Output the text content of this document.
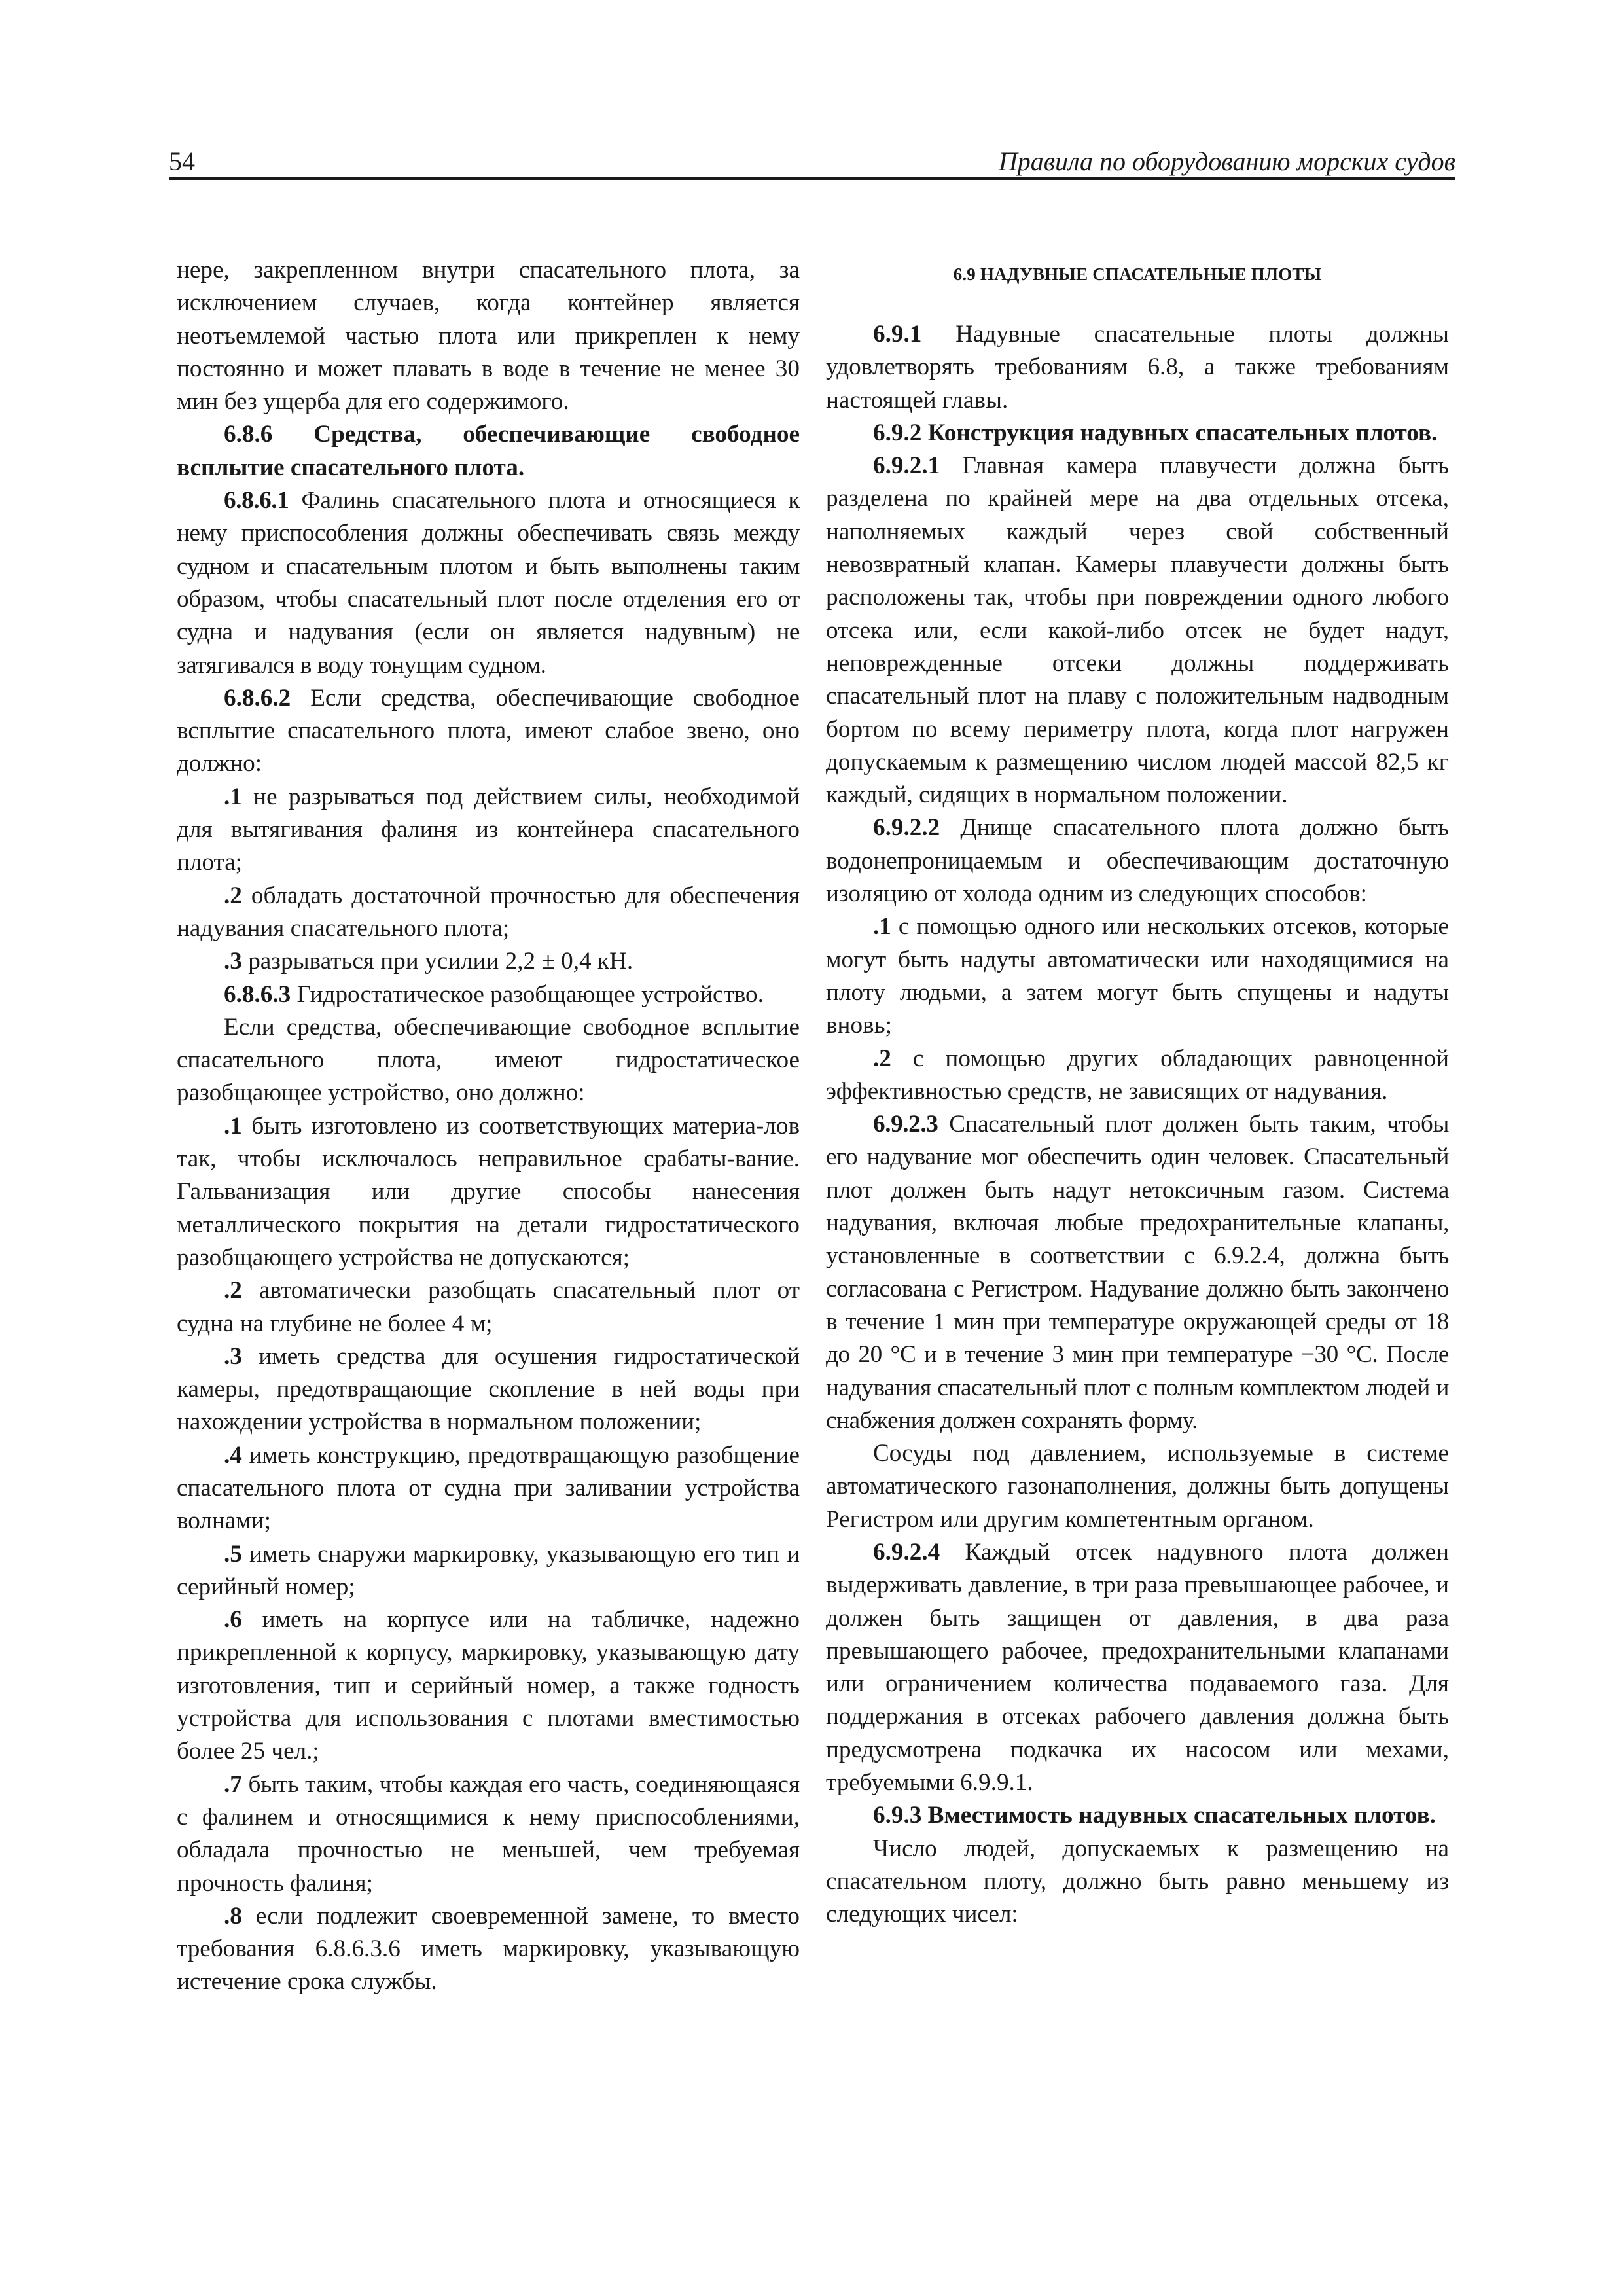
54	Правила по оборудованию морских судов

нере, закрепленном внутри спасательного плота, за исключением случаев, когда контейнер является неотъемлемой частью плота или прикреплен к нему постоянно и может плавать в воде в течение не менее 30 мин без ущерба для его содержимого.

6.8.6 Средства, обеспечивающие свободное всплытие спасательного плота.

6.8.6.1 Фалинь спасательного плота и относящиеся к нему приспособления должны обеспечивать связь между судном и спасательным плотом и быть выполнены таким образом, чтобы спасательный плот после отделения его от судна и надувания (если он является надувным) не затягивался в воду тонущим судном.

6.8.6.2 Если средства, обеспечивающие свободное всплытие спасательного плота, имеют слабое звено, оно должно:

.1 не разрываться под действием силы, необходимой для вытягивания фалиня из контейнера спасательного плота;

.2 обладать достаточной прочностью для обеспечения надувания спасательного плота;

.3 разрываться при усилии 2,2 ± 0,4 кН.

6.8.6.3 Гидростатическое разобщающее устройство.

Если средства, обеспечивающие свободное всплытие спасательного плота, имеют гидростатическое разобщающее устройство, оно должно:

.1 быть изготовлено из соответствующих материа-лов так, чтобы исключалось неправильное срабаты-вание. Гальванизация или другие способы нанесения металлического покрытия на детали гидростатического разобщающего устройства не допускаются;

.2 автоматически разобщать спасательный плот от судна на глубине не более 4 м;

.3 иметь средства для осушения гидростатической камеры, предотвращающие скопление в ней воды при нахождении устройства в нормальном положении;

.4 иметь конструкцию, предотвращающую разобщение спасательного плота от судна при заливании устройства волнами;

.5 иметь снаружи маркировку, указывающую его тип и серийный номер;

.6 иметь на корпусе или на табличке, надежно прикрепленной к корпусу, маркировку, указывающую дату изготовления, тип и серийный номер, а также годность устройства для использования с плотами вместимостью более 25 чел.;

.7 быть таким, чтобы каждая его часть, соединяющаяся с фалинем и относящимися к нему приспособлениями, обладала прочностью не меньшей, чем требуемая прочность фалиня;

.8 если подлежит своевременной замене, то вместо требования 6.8.6.3.6 иметь маркировку, указывающую истечение срока службы.

6.9 НАДУВНЫЕ СПАСАТЕЛЬНЫЕ ПЛОТЫ

6.9.1 Надувные спасательные плоты должны удовлетворять требованиям 6.8, а также требованиям настоящей главы.

6.9.2 Конструкция надувных спасательных плотов.

6.9.2.1 Главная камера плавучести должна быть разделена по крайней мере на два отдельных отсека, наполняемых каждый через свой собственный невозвратный клапан. Камеры плавучести должны быть расположены так, чтобы при повреждении одного любого отсека или, если какой-либо отсек не будет надут, неповрежденные отсеки должны поддерживать спасательный плот на плаву с положительным надводным бортом по всему периметру плота, когда плот нагружен допускаемым к размещению числом людей массой 82,5 кг каждый, сидящих в нормальном положении.

6.9.2.2 Днище спасательного плота должно быть водонепроницаемым и обеспечивающим достаточную изоляцию от холода одним из следующих способов:

.1 с помощью одного или нескольких отсеков, которые могут быть надуты автоматически или находящимися на плоту людьми, а затем могут быть спущены и надуты вновь;

.2 с помощью других обладающих равноценной эффективностью средств, не зависящих от надувания.

6.9.2.3 Спасательный плот должен быть таким, чтобы его надувание мог обеспечить один человек. Спасательный плот должен быть надут нетоксичным газом. Система надувания, включая любые предохранительные клапаны, установленные в соответствии с 6.9.2.4, должна быть согласована с Регистром. Надувание должно быть закончено в течение 1 мин при температуре окружающей среды от 18 до 20 °С и в течение 3 мин при температуре −30 °С. После надувания спасательный плот с полным комплектом людей и снабжения должен сохранять форму.

Сосуды под давлением, используемые в системе автоматического газонаполнения, должны быть допущены Регистром или другим компетентным органом.

6.9.2.4 Каждый отсек надувного плота должен выдерживать давление, в три раза превышающее рабочее, и должен быть защищен от давления, в два раза превышающего рабочее, предохранительными клапанами или ограничением количества подаваемого газа. Для поддержания в отсеках рабочего давления должна быть предусмотрена подкачка их насосом или мехами, требуемыми 6.9.9.1.

6.9.3 Вместимость надувных спасательных плотов.

Число людей, допускаемых к размещению на спасательном плоту, должно быть равно меньшему из следующих чисел:
